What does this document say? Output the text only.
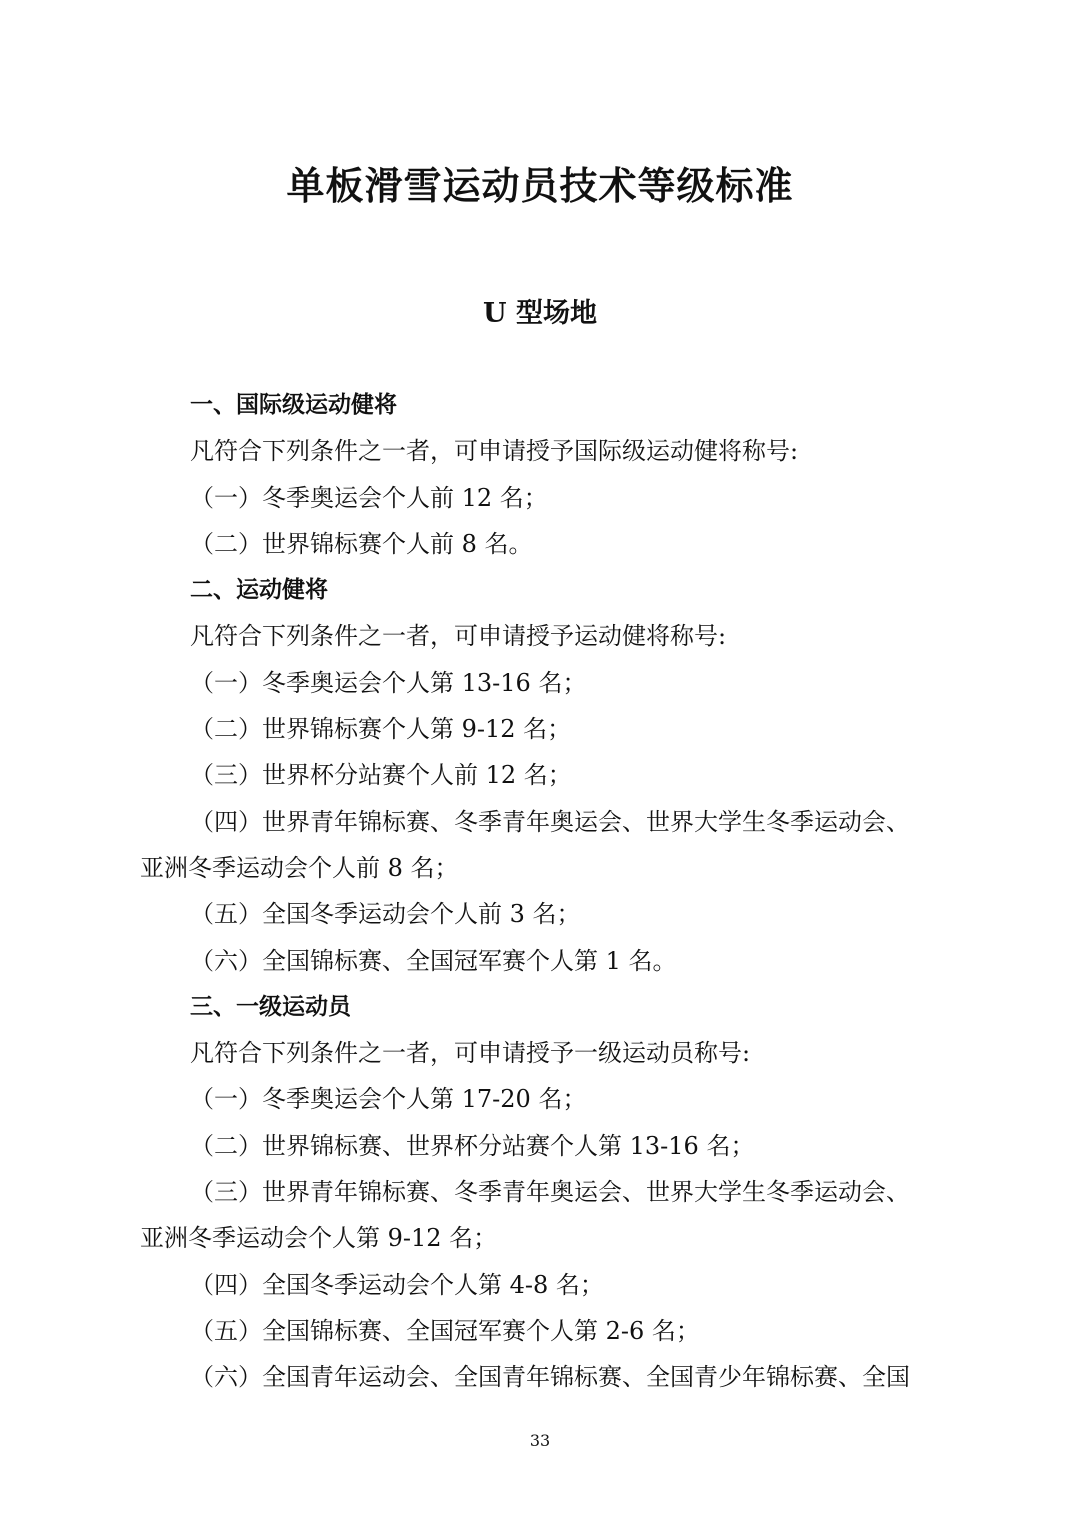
单板滑雪运动员技术等级标准
U 型场地
一、国际级运动健将
凡符合下列条件之一者，可申请授予国际级运动健将称号:
（一）冬季奥运会个人前 12 名；
（二）世界锦标赛个人前 8 名。
二、运动健将
凡符合下列条件之一者，可申请授予运动健将称号:
（一）冬季奥运会个人第 13-16 名；
（二）世界锦标赛个人第 9-12 名；
（三）世界杯分站赛个人前 12 名；
（四）世界青年锦标赛、冬季青年奥运会、世界大学生冬季运动会、
亚洲冬季运动会个人前 8 名；
（五）全国冬季运动会个人前 3 名；
（六）全国锦标赛、全国冠军赛个人第 1 名。
三、一级运动员
凡符合下列条件之一者，可申请授予一级运动员称号:
（一）冬季奥运会个人第 17-20 名；
（二）世界锦标赛、世界杯分站赛个人第 13-16 名；
（三）世界青年锦标赛、冬季青年奥运会、世界大学生冬季运动会、
亚洲冬季运动会个人第 9-12 名；
（四）全国冬季运动会个人第 4-8 名；
（五）全国锦标赛、全国冠军赛个人第 2-6 名；
（六）全国青年运动会、全国青年锦标赛、全国青少年锦标赛、全国
33
